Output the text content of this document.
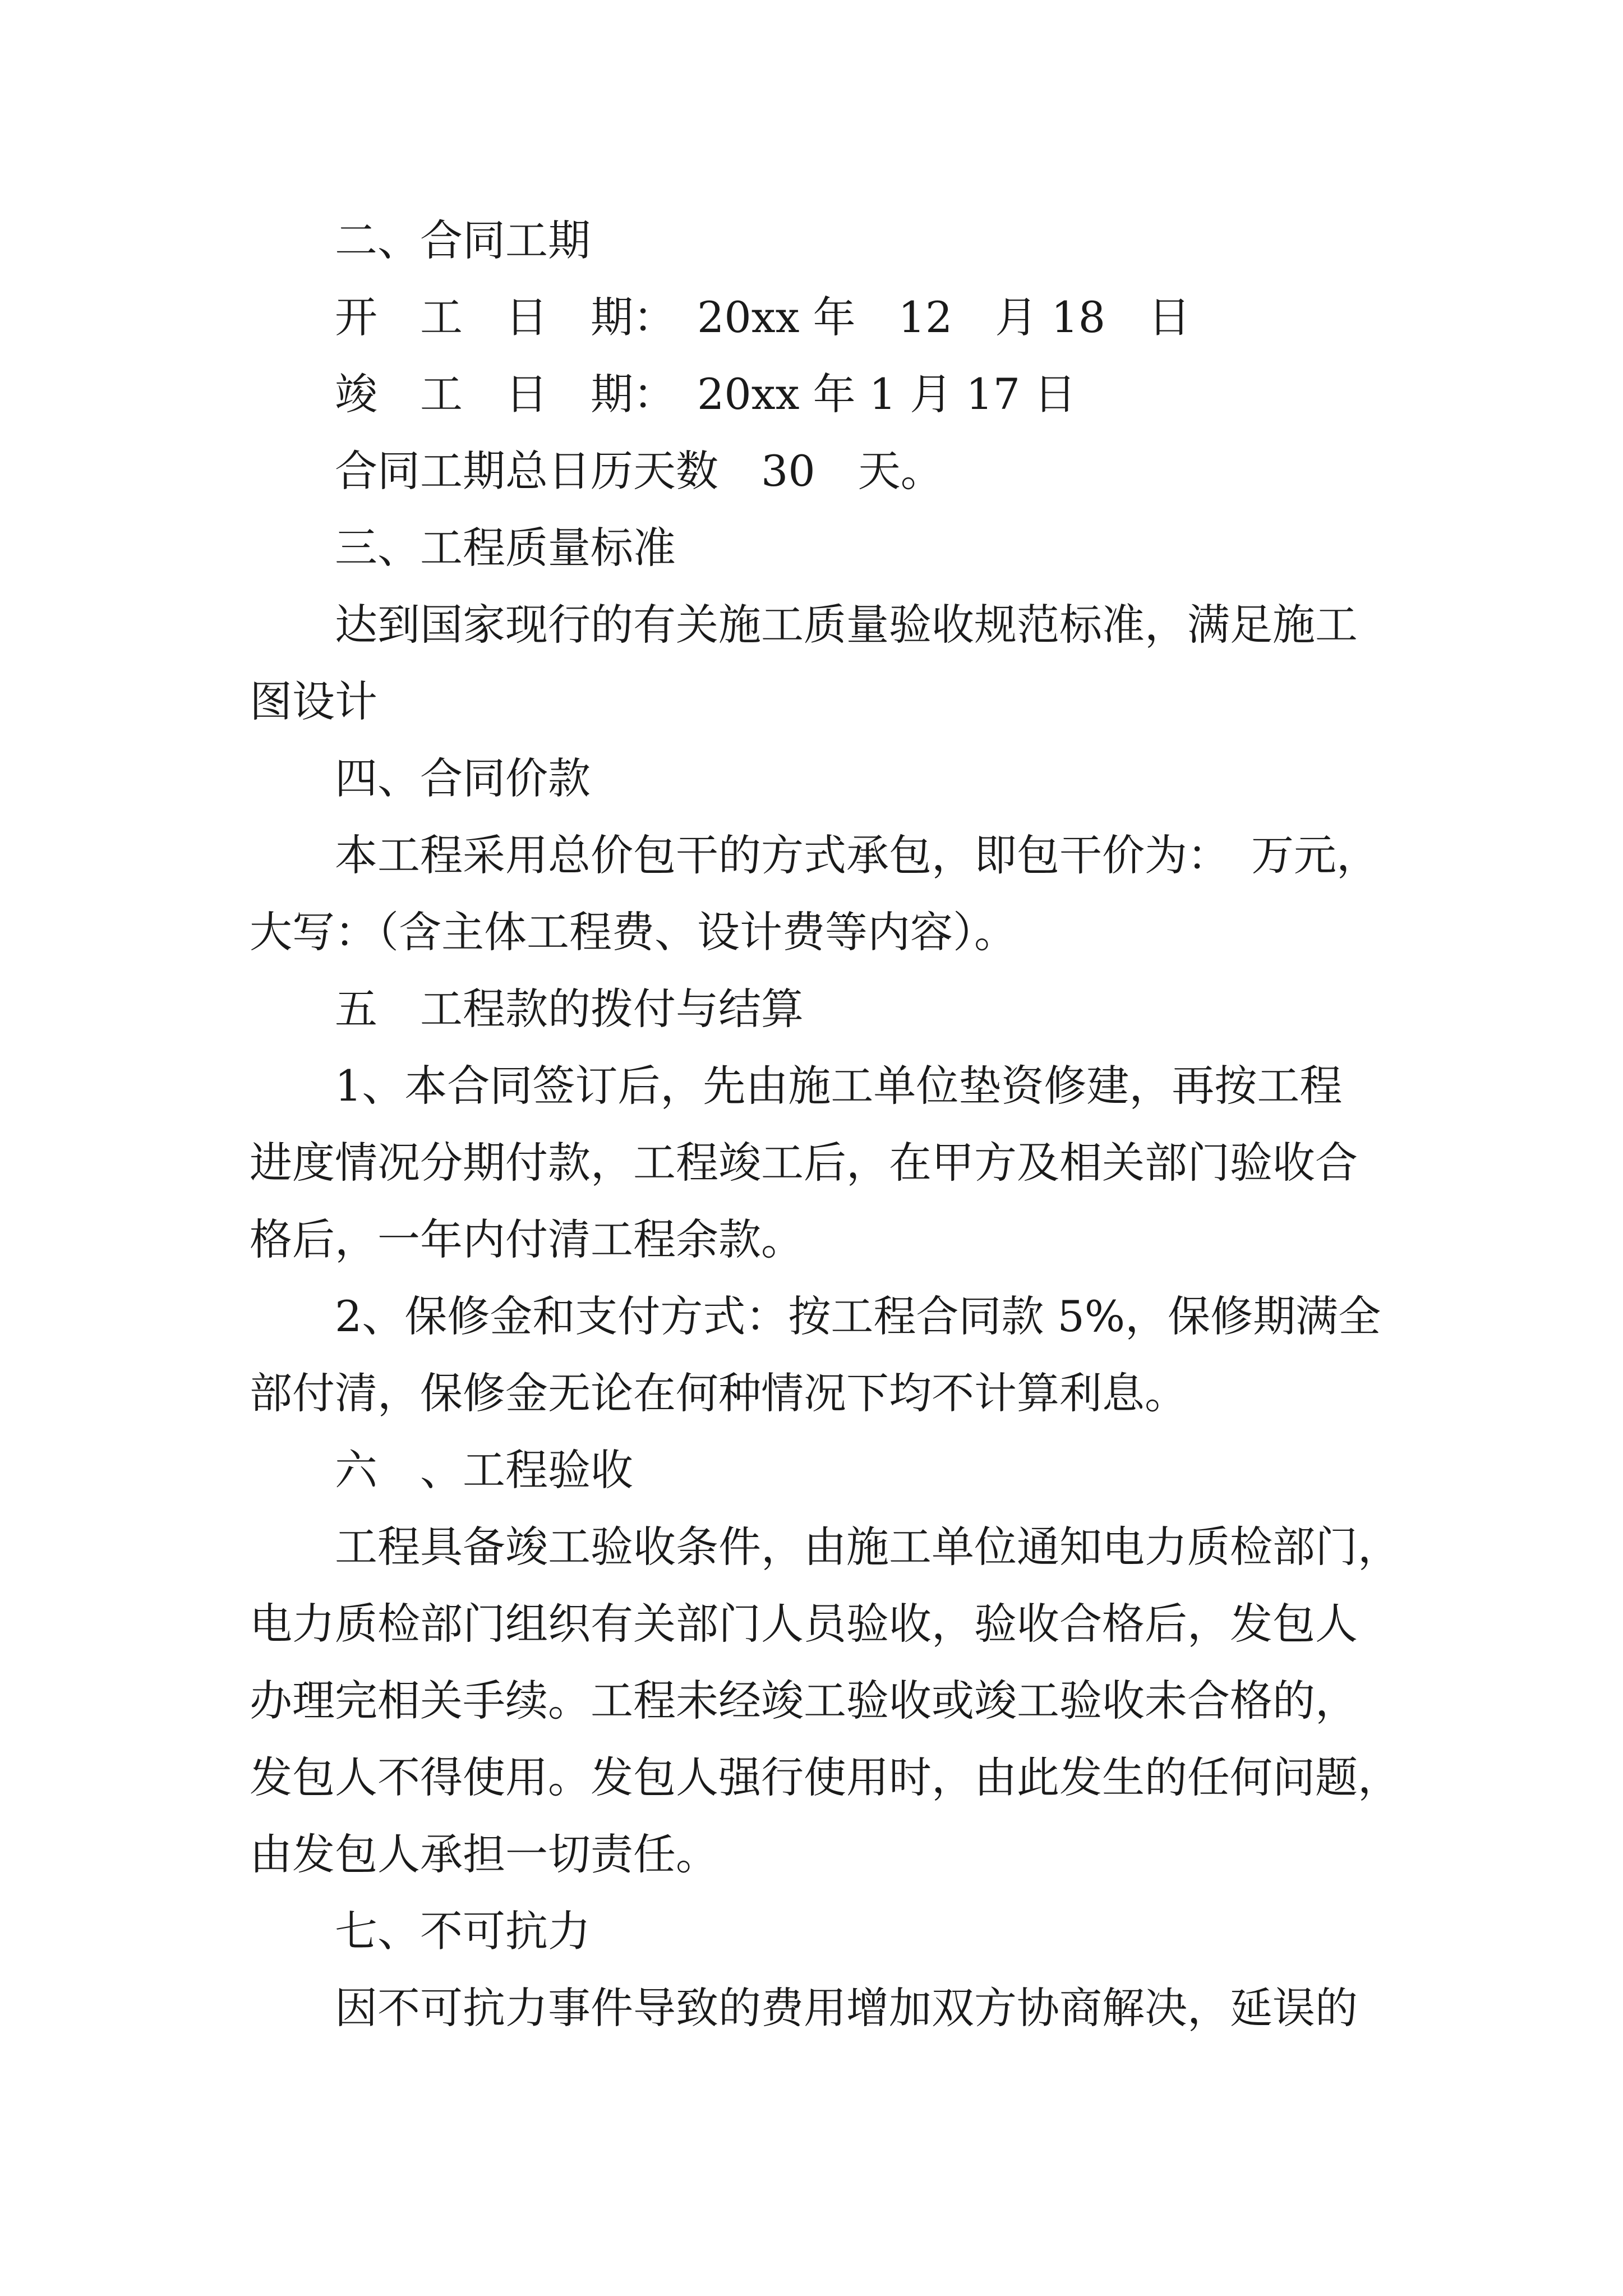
二、合同工期
开　工　日　期：　20xx 年　12　月 18　日
竣　工　日　期：　20xx 年 1 月 17 日
合同工期总日历天数　30　天。
三、工程质量标准
达到国家现行的有关施工质量验收规范标准，满足施工
图设计
四、合同价款
本工程采用总价包干的方式承包，即包干价为：　万元，
大写：（含主体工程费、设计费等内容）。
五　工程款的拨付与结算
1、本合同签订后，先由施工单位垫资修建，再按工程
进度情况分期付款，工程竣工后，在甲方及相关部门验收合
格后，一年内付清工程余款。
2、保修金和支付方式：按工程合同款 5%，保修期满全
部付清，保修金无论在何种情况下均不计算利息。
六　、工程验收
工程具备竣工验收条件，由施工单位通知电力质检部门，
电力质检部门组织有关部门人员验收，验收合格后，发包人
办理完相关手续。工程未经竣工验收或竣工验收未合格的，
发包人不得使用。发包人强行使用时，由此发生的任何问题，
由发包人承担一切责任。
七、不可抗力
因不可抗力事件导致的费用增加双方协商解决，延误的
